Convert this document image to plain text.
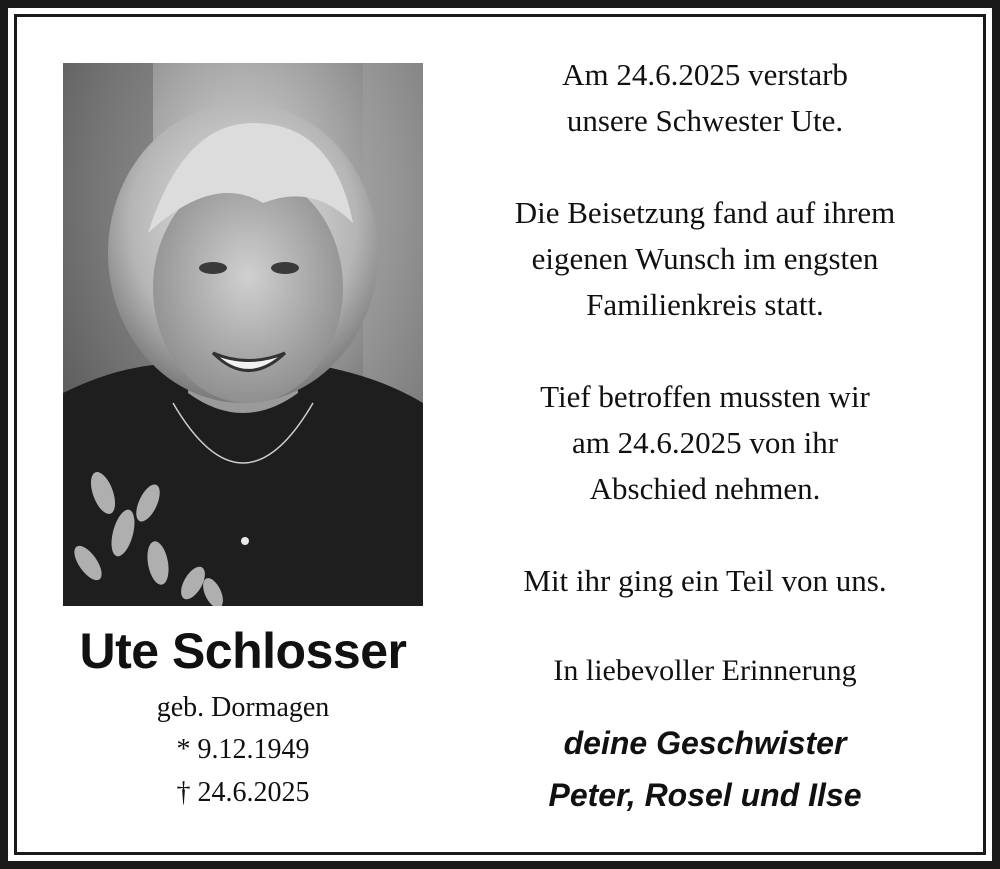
Ute Schlosser
geb. Dormagen
* 9.12.1949
† 24.6.2025
Am 24.6.2025 verstarb
unsere Schwester Ute.
Die Beisetzung fand auf ihrem
eigenen Wunsch im engsten
Familienkreis statt.
Tief betroffen mussten wir
am 24.6.2025 von ihr
Abschied nehmen.
Mit ihr ging ein Teil von uns.
In liebevoller Erinnerung
deine Geschwister
Peter, Rosel und Ilse
